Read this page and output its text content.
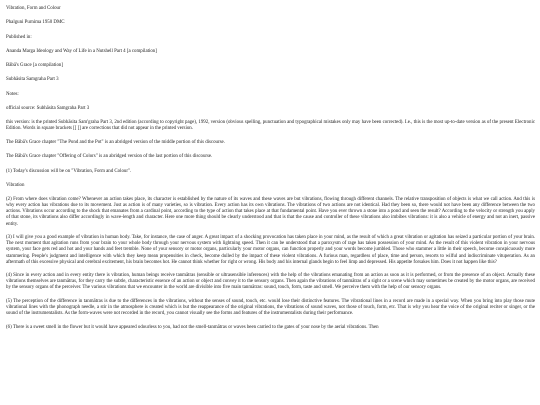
Vibration, Form and Colour

Phalguni Purnima 1950 DMC

Published in:

Ananda Marga Ideology and Way of Life in a Nutshell Part 4 [a compilation]

Bābā's Grace [a compilation]

Subhāsita Samgraha Part 3

Notes:

official source: Subhāsita Samgraha Part 3

this version: is the printed Subhāsita Sam'graha Part 3, 2nd edition (according to copyright page), 1992, version (obvious spelling, punctuation and typographical mistakes only may have been corrected). I.e., this is the most up-to-date version as of the present Electronic Edition. Words in square brackets [[ ]] are corrections that did not appear in the printed version.

The Bābā's Grace chapter "The Pond and the Pot" is an abridged version of the middle portion of this discourse.

The Bābā's Grace chapter "Offering of Colors" is an abridged version of the last portion of this discourse.

(1) Today's discussion will be on "Vibration, Form and Colour".

Vibration

(2) From where does vibration come? Whenever an action takes place, its character is established by the nature of its waves and these waves are but vibrations, flowing through different channels. The relative transposition of objects is what we call action. And this is why every action has vibrations due to its movement. Just as action is of many varieties, so is vibration. Every action has its own vibrations. The vibrations of two actions are not identical. Had they been so, there would not have been any difference between the two actions. Vibrations occur according to the shock that emanates from a cardinal point, according to the type of action that takes place at that fundamental point. Have you ever thrown a stone into a pond and seen the result? According to the velocity or strength you apply of that stone, its vibrations also differ accordingly in wave-length and character. Here one more thing should be clearly understood and that is that the cause and controller of these vibrations also imbibes vibrations: it is also a vehicle of energy and not an inert, passive entity.

(3) I will give you a good example of vibration in human body. Take, for instance, the case of anger. A great impact of a shocking provocation has taken place in your mind, as the result of which a great vibration or agitation has seized a particular portion of your brain. The next moment that agitation runs from your brain to your whole body through your nervous system with lightning speed. Then it can be understood that a paroxysm of rage has taken possession of your mind. As the result of this violent vibration in your nervous system, your face gets red and hot and your hands and feet tremble. None of your sensory or motor organs, particularly your motor organs, can function properly and your words become jumbled. Those who stammer a little in their speech, become conspicuously more stammering. People's judgment and intelligence with which they keep mean propensities in check, become dulled by the impact of these violent vibrations. A furious man, regardless of place, time and person, resorts to wilful and indiscriminate vituperation. As an aftermath of this excessive physical and cerebral excitement, his brain becomes hot. He cannot think whether for right or wrong. His body and his internal glands begin to feel limp and depressed. His appetite forsakes him. Does it not happen like this?

(4) Since in every action and in every entity there is vibration, human beings receive tanmātras (sensible or ultrasensible inferences) with the help of the vibrations emanating from an action as soon as it is performed, or from the presence of an object. Actually these vibrations themselves are tanmātras, for they carry the subtle, characteristic essence of an action or object and convey it to the sensory organs. Then again the vibrations of tanmātras of a sight or a scene which may sometimes be created by the motor organs, are received by the sensory organs of the perceiver. The various vibrations that we encounter in the world are divisible into five main tanmātras: sound, touch, form, taste and smell. We perceive them with the help of our sensory organs.

(5) The perception of the difference in tanmātras is due to the differences in the vibrations, without the senses of sound, touch, etc. would lose their distinctive features. The vibrational lines in a record are made in a special way. When you bring into play those mute vibrational lines with the phonograph needle, a stir in the atmosphere is created which is but the reappearance of the original vibrations, the vibrations of sound waves, not those of touch, form, etc. That is why you hear the voice of the original reciter or singer, or the sound of the instrumentalists. As the form-waves were not recorded in the record, you cannot visually see the forms and features of the instrumentalists during their performance.

(6) There is a sweet smell in the flower but it would have appeared odourless to you, had not the smell-tanmātras or waves been carried to the gates of your nose by the aerial vibrations. Then
